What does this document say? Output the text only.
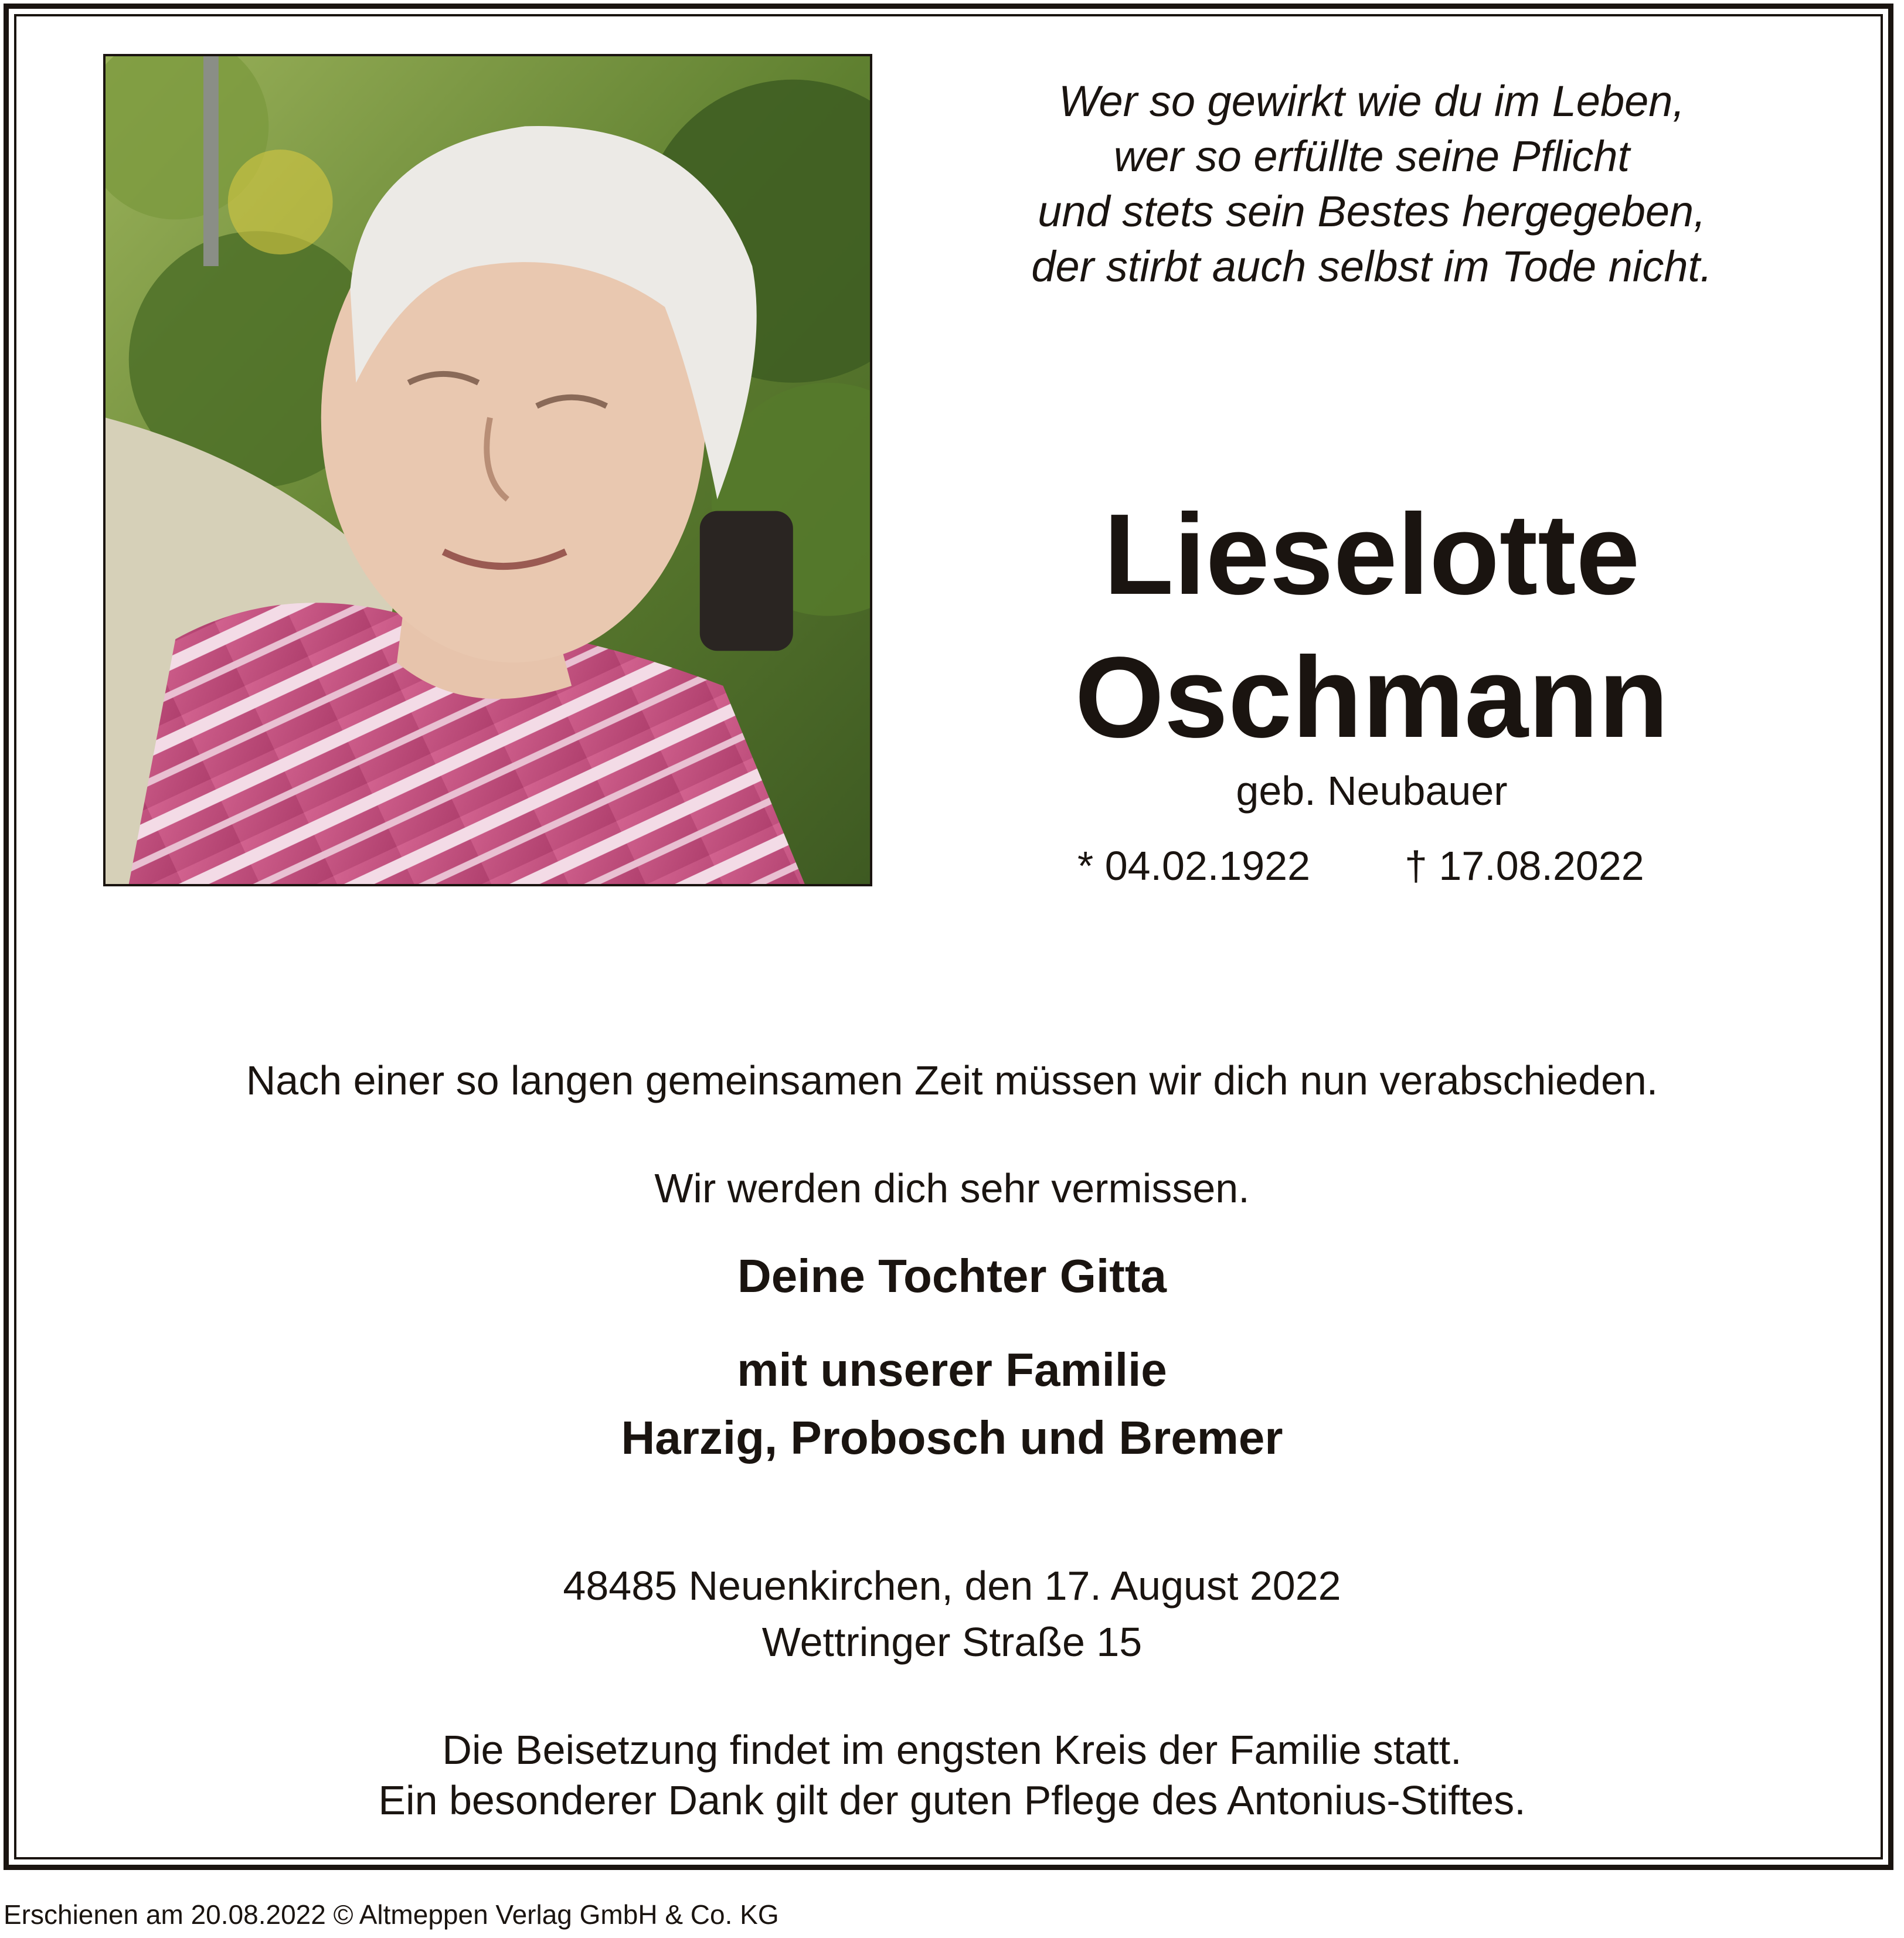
Wer so gewirkt wie du im Leben,
wer so erfüllte seine Pflicht
und stets sein Bestes hergegeben,
der stirbt auch selbst im Tode nicht.
Lieselotte
Oschmann
geb. Neubauer
* 04.02.1922 † 17.08.2022
Nach einer so langen gemeinsamen Zeit müssen wir dich nun verabschieden.
Wir werden dich sehr vermissen.
Deine Tochter Gitta
mit unserer Familie
Harzig, Probosch und Bremer
48485 Neuenkirchen, den 17. August 2022
Wettringer Straße 15
Die Beisetzung findet im engsten Kreis der Familie statt.
Ein besonderer Dank gilt der guten Pflege des Antonius-Stiftes.
Erschienen am 20.08.2022 © Altmeppen Verlag GmbH & Co. KG
